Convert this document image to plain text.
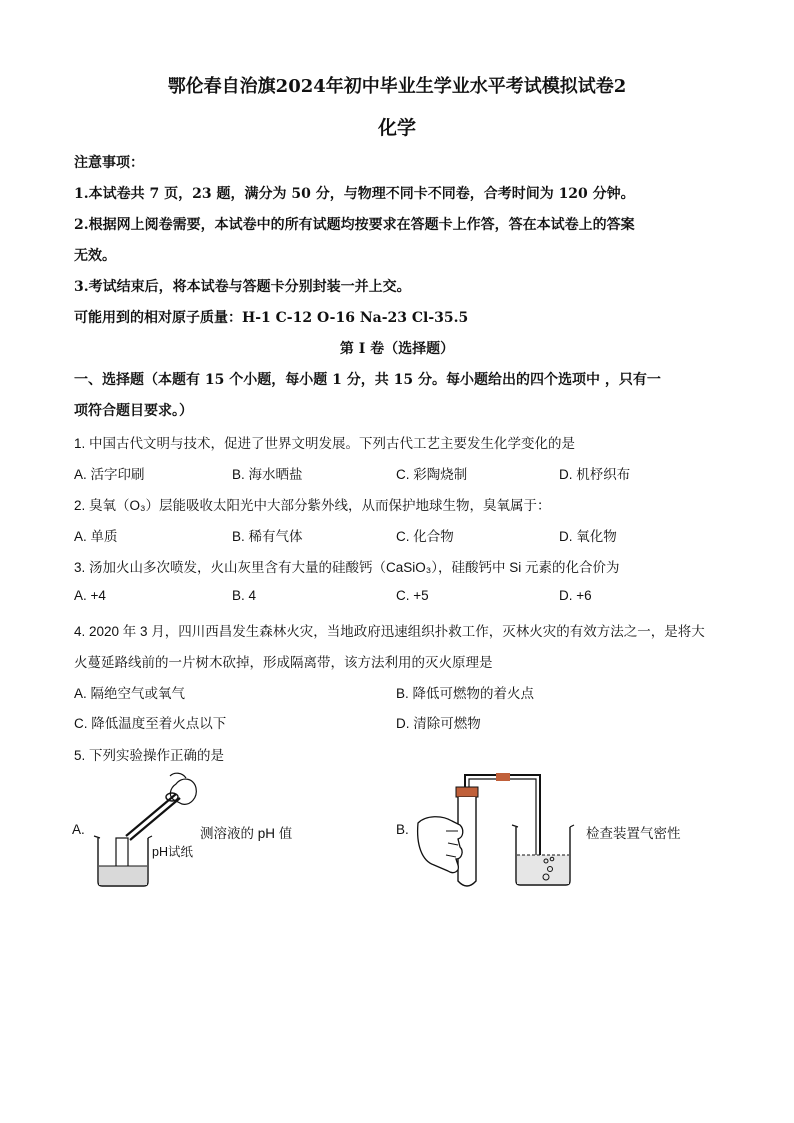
鄂伦春自治旗2024年初中毕业生学业水平考试模拟试卷2
化学
注意事项：
1.本试卷共 7 页，23 题，满分为 50 分，与物理不同卡不同卷，合考时间为 120 分钟。
2.根据网上阅卷需要，本试卷中的所有试题均按要求在答题卡上作答，答在本试卷上的答案
无效。
3.考试结束后，将本试卷与答题卡分别封装一并上交。
可能用到的相对原子质量：H-1 C-12 O-16 Na-23 Cl-35.5
第 I 卷（选择题）
一、选择题（本题有 15 个小题，每小题 1 分，共 15 分。每小题给出的四个选项中 ，只有一
项符合题目要求。）
1. 中国古代文明与技术，促进了世界文明发展。下列古代工艺主要发生化学变化的是
A. 活字印刷	B. 海水晒盐	C. 彩陶烧制	D. 机杼织布
2. 臭氧（O₃）层能吸收太阳光中大部分紫外线，从而保护地球生物，臭氧属于：
A. 单质	B. 稀有气体	C. 化合物	D. 氧化物
3. 汤加火山多次喷发，火山灰里含有大量的硅酸钙（CaSiO₃），硅酸钙中 Si 元素的化合价为
A. +4	B. 4	C. +5	D. +6
4. 2020 年 3 月，四川西昌发生森林火灾，当地政府迅速组织扑救工作，灭林火灾的有效方法之一，是将大
火蔓延路线前的一片树木砍掉，形成隔离带，该方法利用的灭火原理是
A. 隔绝空气或氧气	B. 降低可燃物的着火点
C. 降低温度至着火点以下	D. 清除可燃物
5. 下列实验操作正确的是
A.
pH试纸
测溶液的 pH 值	B.	检查装置气密性
